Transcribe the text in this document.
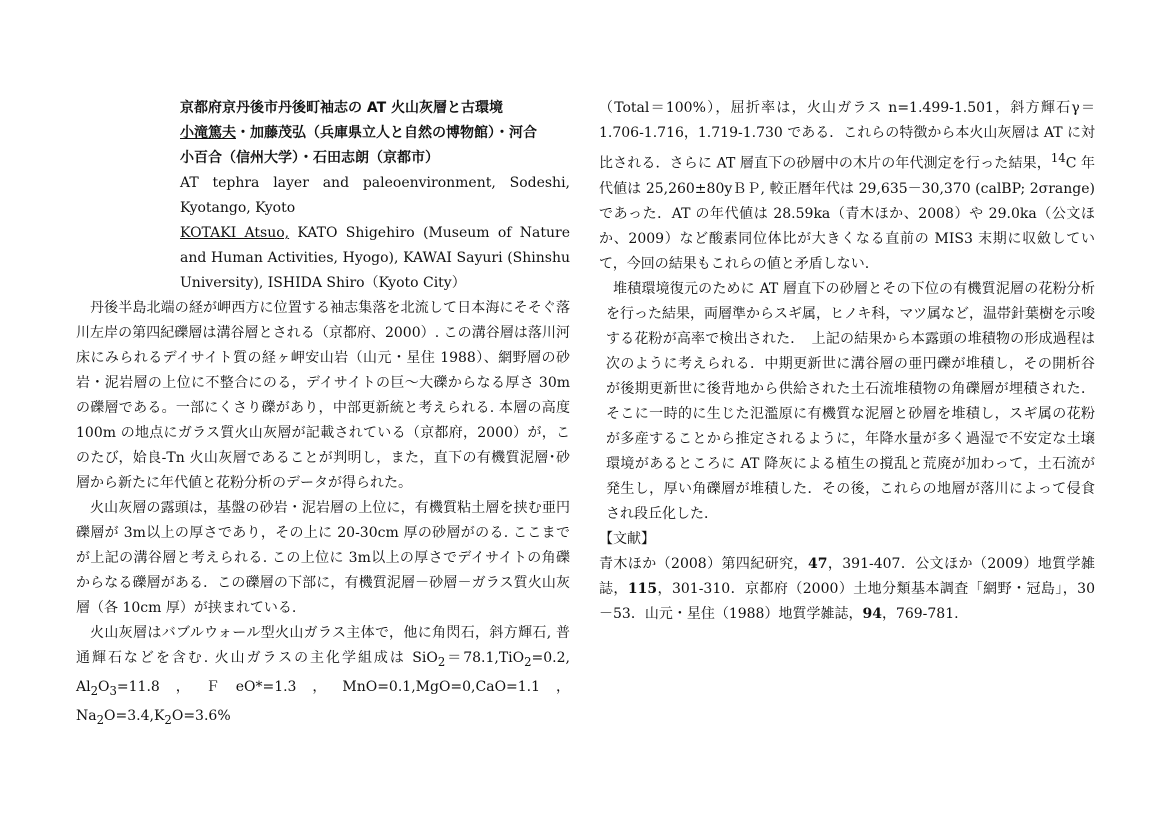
京都府京丹後市丹後町袖志の AT 火山灰層と古環境
小滝篤夫・加藤茂弘（兵庫県立人と自然の博物館）・河合
小百合（信州大学）・石田志朗（京都市）
AT tephra layer and paleoenvironment, Sodeshi, Kyotango, Kyoto
KOTAKI Atsuo, KATO Shigehiro (Museum of Nature and Human Activities, Hyogo), KAWAI Sayuri (Shinshu University), ISHIDA Shiro（Kyoto City）

丹後半島北端の経が岬西方に位置する袖志集落を北流して日本海にそそぐ落川左岸の第四紀礫層は溝谷層とされる（京都府、2000）. この溝谷層は落川河床にみられるデイサイト質の経ヶ岬安山岩（山元・星住 1988）、網野層の砂岩・泥岩層の上位に不整合にのる，デイサイトの巨〜大礫からなる厚さ 30m の礫層である。一部にくさり礫があり，中部更新統と考えられる. 本層の高度 100m の地点にガラス質火山灰層が記載されている（京都府，2000）が，このたび，姶良-Tn 火山灰層であることが判明し，また，直下の有機質泥層･砂層から新たに年代値と花粉分析のデータが得られた。

火山灰層の露頭は，基盤の砂岩・泥岩層の上位に，有機質粘土層を挟む亜円礫層が 3m以上の厚さであり，その上に 20-30cm 厚の砂層がのる. ここまでが上記の溝谷層と考えられる. この上位に 3m以上の厚さでデイサイトの角礫からなる礫層がある．この礫層の下部に，有機質泥層－砂層－ガラス質火山灰層（各 10cm 厚）が挟まれている.

火山灰層はバブルウォール型火山ガラス主体で，他に角閃石，斜方輝石, 普通輝石などを含む. 火山ガラスの主化学組成は SiO$_2$＝78.1,TiO$_2$=0.2, $Al_2O_3=11.8$，ＦeO*=1.3，MnO=0.1,MgO=0,CaO=1.1，$Na_2O=3.4,K_2O=3.6\%$

（Total＝100%），屈折率は，火山ガラス n=1.499-1.501，斜方輝石γ＝1.706-1.716，1.719-1.730 である．これらの特徴から本火山灰層は AT に対比される．さらに AT 層直下の砂層中の木片の年代測定を行った結果，$^{14}$C 年代値は 25,260±80yＢＰ, 較正暦年代は 29,635－30,370 (calBP; 2σrange) であった．AT の年代値は 28.59ka（青木ほか、2008）や 29.0ka（公文ほか、2009）など酸素同位体比が大きくなる直前の MIS3 末期に収斂していて，今回の結果もこれらの値と矛盾しない.

堆積環境復元のために AT 層直下の砂層とその下位の有機質泥層の花粉分析を行った結果，両層準からスギ属，ヒノキ科，マツ属など，温帯針葉樹を示唆する花粉が高率で検出された．　上記の結果から本露頭の堆積物の形成過程は次のように考えられる．中期更新世に溝谷層の亜円礫が堆積し，その開析谷が後期更新世に後背地から供給された土石流堆積物の角礫層が埋積された．そこに一時的に生じた氾濫原に有機質な泥層と砂層を堆積し，スギ属の花粉が多産することから推定されるように，年降水量が多く過湿で不安定な土壌環境があるところに AT 降灰による植生の撹乱と荒廃が加わって，土石流が発生し，厚い角礫層が堆積した．その後，これらの地層が落川によって侵食され段丘化した．

【文献】

青木ほか（2008）第四紀研究，47，391-407．公文ほか（2009）地質学雑誌，115，301-310．京都府（2000）土地分類基本調査「網野・冠島」，30－53．山元・星住（1988）地質学雑誌，94，769-781.
